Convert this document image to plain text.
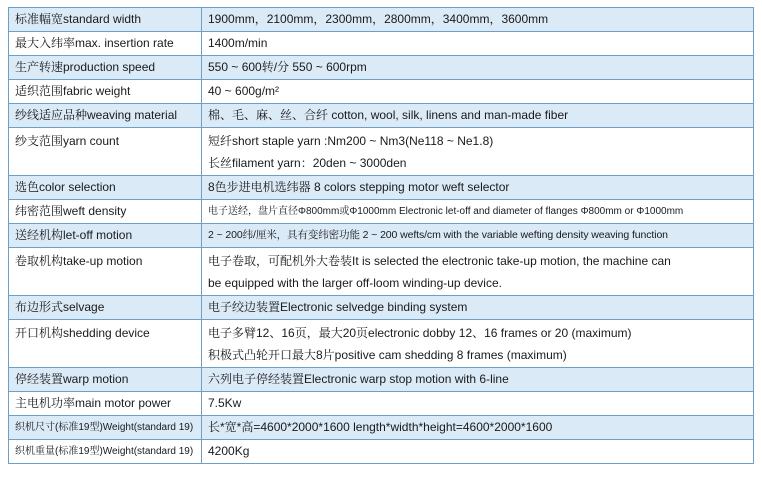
标准幅宽standard width	1900mm，2100mm，2300mm，2800mm，3400mm，3600mm
最大入纬率max. insertion rate	1400m/min
生产转速production speed	550 ~ 600转/分 550 ~ 600rpm
适织范围fabric weight	40 ~ 600g/m²
纱线适应品种weaving material	棉、毛、麻、丝、合纤 cotton, wool, silk, linens and man-made fiber
纱支范围yarn count	短纤short staple yarn :Nm200 ~ Nm3(Ne118 ~ Ne1.8)
长丝filament yarn：20den ~ 3000den

选色color selection	8色步进电机选纬器 8 colors stepping motor weft selector
纬密范围weft density	电子送经，盘片直径Φ800mm或Φ1000mm Electronic let-off and diameter of flanges Φ800mm or Φ1000mm
送经机构let-off motion	2 ~ 200纬/厘米，具有变纬密功能 2 ~ 200 wefts/cm with the variable wefting density weaving function
卷取机构take-up motion	电子卷取，可配机外大卷装It is selected the electronic take-up motion, the machine can
be equipped with the larger off-loom winding-up device.

布边形式selvage	电子绞边装置Electronic selvedge binding system
开口机构shedding device	电子多臂12、16页，最大20页electronic dobby 12、16 frames or 20 (maximum)
积极式凸轮开口最大8片positive cam shedding 8 frames (maximum)

停经装置warp motion	六列电子停经装置Electronic warp stop motion with 6-line
主电机功率main motor power	7.5Kw
织机尺寸(标准19型)Weight(standard 19)	长*宽*高=4600*2000*1600 length*width*height=4600*2000*1600
织机重量(标准19型)Weight(standard 19)	4200Kg
